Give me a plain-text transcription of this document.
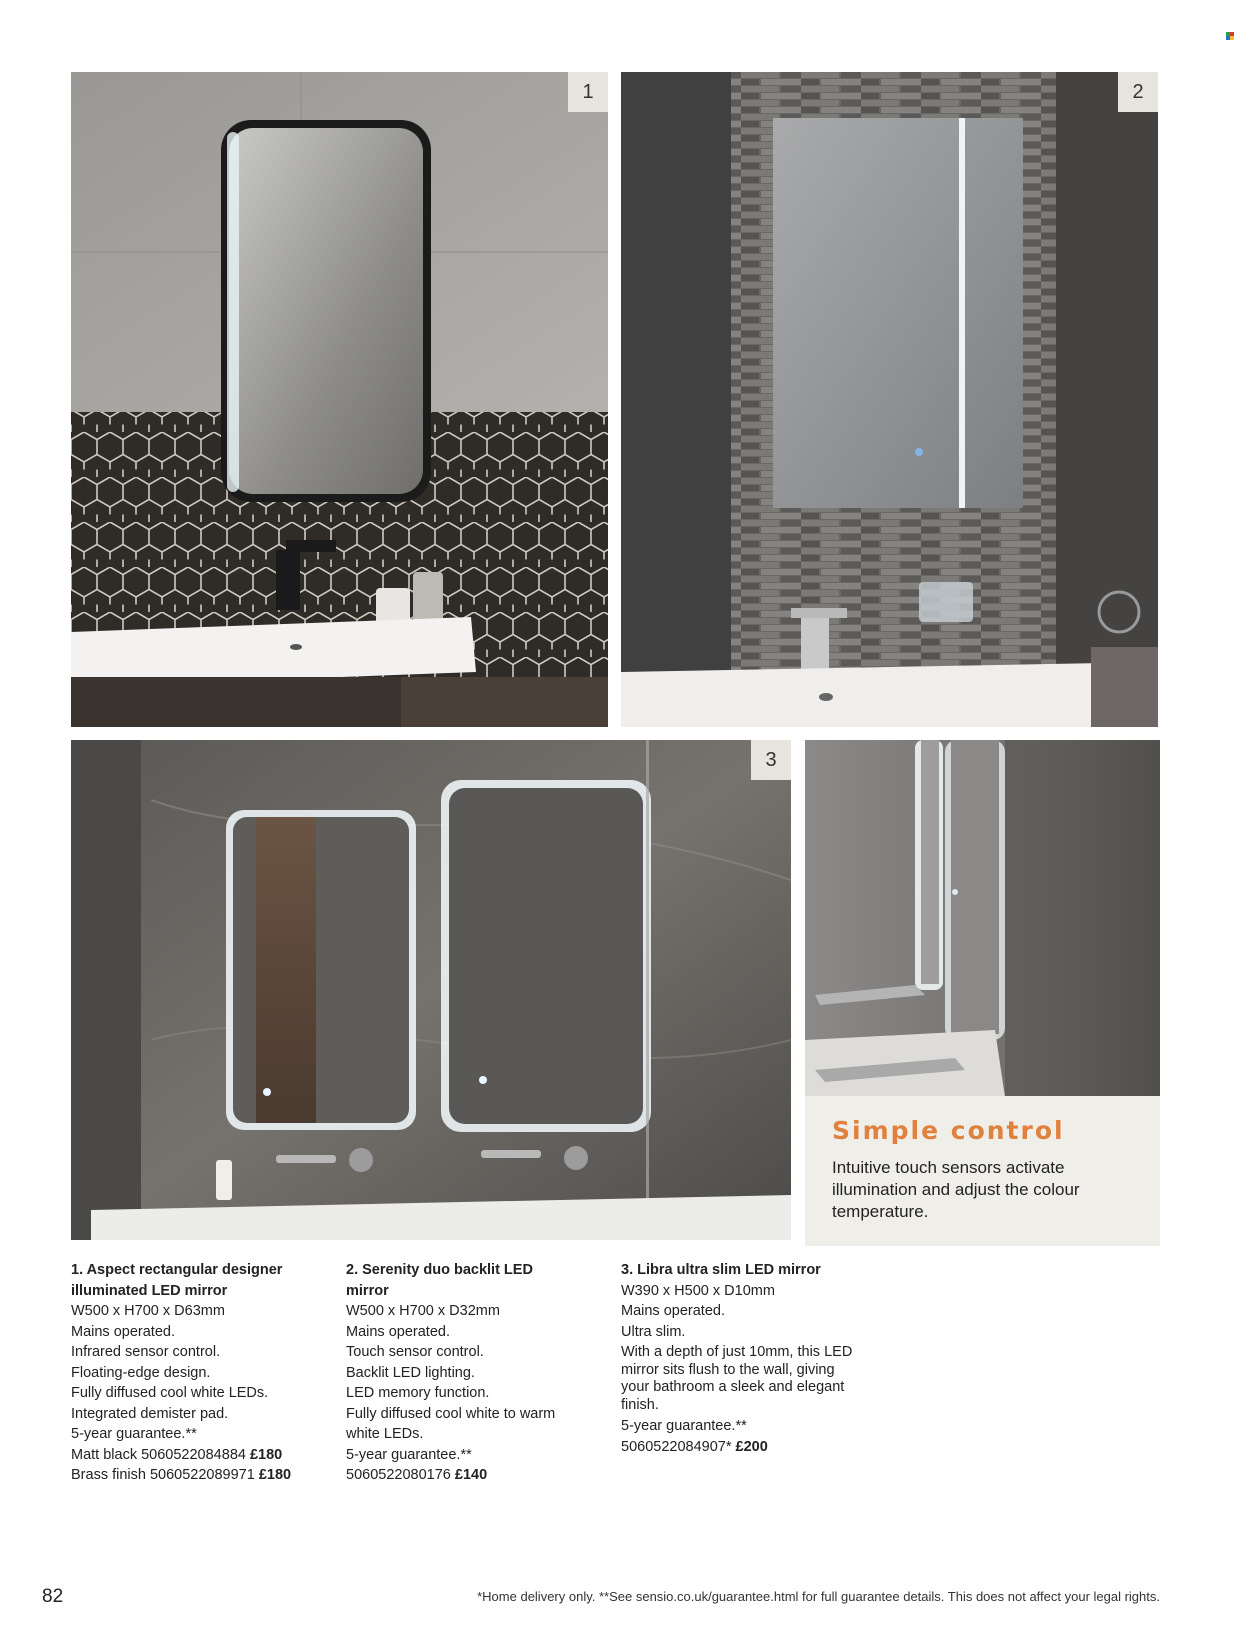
1	2
3

Simple control

Intuitive touch sensors activate illumination and adjust the colour temperature.

1. Aspect rectangular designer illuminated LED mirror
W500 x H700 x D63mm
Mains operated.
Infrared sensor control.
Floating-edge design.
Fully diffused cool white LEDs.
Integrated demister pad.
5-year guarantee.**
Matt black 5060522084884 £180
Brass finish 5060522089971 £180
2. Serenity duo backlit LED mirror
W500 x H700 x D32mm
Mains operated.
Touch sensor control.
Backlit LED lighting.
LED memory function.
Fully diffused cool white to warm white LEDs.
5-year guarantee.**
5060522080176 £140
3. Libra ultra slim LED mirror
W390 x H500 x D10mm
Mains operated.
Ultra slim.
With a depth of just 10mm, this LED mirror sits flush to the wall, giving your bathroom a sleek and elegant finish.
5-year guarantee.**
5060522084907* £200
82	*Home delivery only. **See sensio.co.uk/guarantee.html for full guarantee details. This does not affect your legal rights.
